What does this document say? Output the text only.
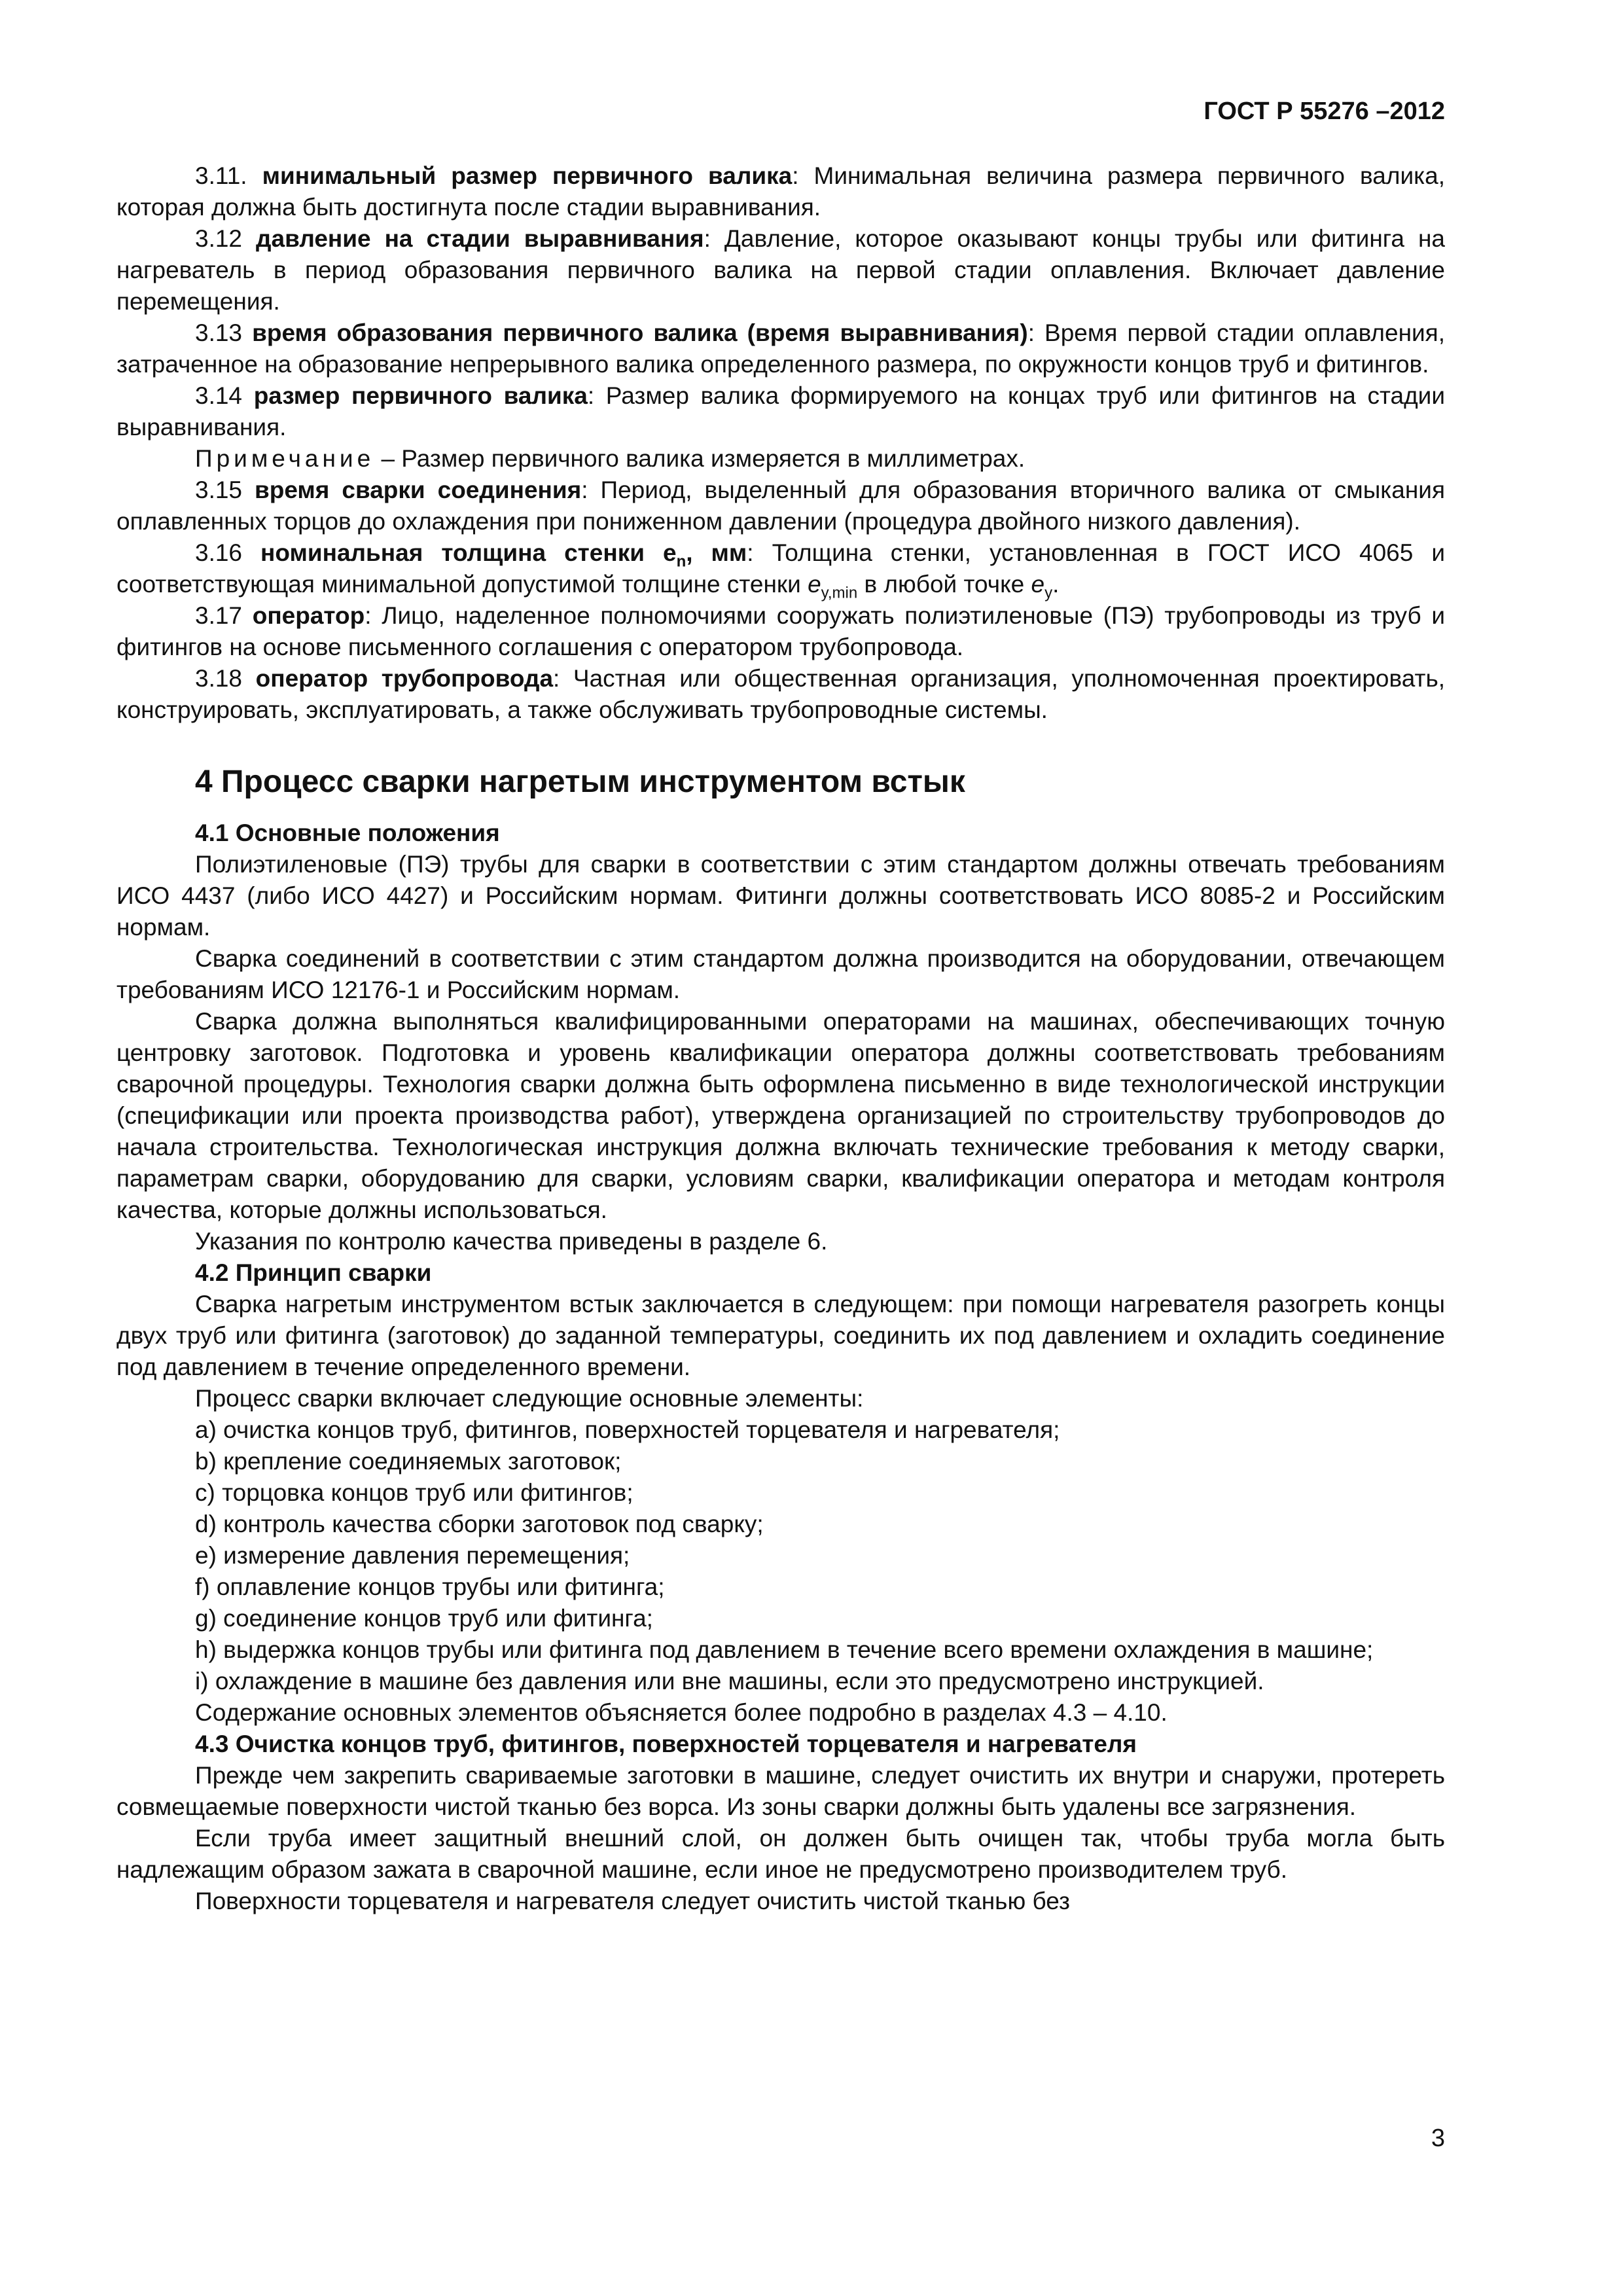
ГОСТ Р 55276 –2012

3.11. минимальный размер первичного валика: Минимальная величина размера первичного валика, которая должна быть достигнута после стадии выравнивания.

3.12 давление на стадии выравнивания: Давление, которое оказывают концы трубы или фитинга на нагреватель в период образования первичного валика на первой стадии оплавления. Включает давление перемещения.

3.13 время образования первичного валика (время выравнивания): Время первой стадии оплавления, затраченное на образование непрерывного валика определенного размера, по окружности концов труб и фитингов.

3.14 размер первичного валика: Размер валика формируемого на концах труб или фитингов на стадии выравнивания.

Примечание – Размер первичного валика измеряется в миллиметрах.

3.15 время сварки соединения: Период, выделенный для образования вторичного валика от смыкания оплавленных торцов до охлаждения при пониженном давлении (процедура двойного низкого давления).

3.16 номинальная толщина стенки $e_n$, мм: Толщина стенки, установленная в ГОСТ ИСО 4065 и соответствующая минимальной допустимой толщине стенки $e_{y,min}$ в любой точке $e_y$.

3.17 оператор: Лицо, наделенное полномочиями сооружать полиэтиленовые (ПЭ) трубопроводы из труб и фитингов на основе письменного соглашения с оператором трубопровода.

3.18 оператор трубопровода: Частная или общественная организация, уполномоченная проектировать, конструировать, эксплуатировать, а также обслуживать трубопроводные системы.

4 Процесс сварки нагретым инструментом встык
4.1 Основные положения

Полиэтиленовые (ПЭ) трубы для сварки в соответствии с этим стандартом должны отвечать требованиям ИСО 4437 (либо ИСО 4427) и Российским нормам. Фитинги должны соответствовать ИСО 8085-2 и Российским нормам.

Сварка соединений в соответствии с этим стандартом должна производится на оборудовании, отвечающем требованиям ИСО 12176-1 и Российским нормам.

Сварка должна выполняться квалифицированными операторами на машинах, обеспечивающих точную центровку заготовок. Подготовка и уровень квалификации оператора должны соответствовать требованиям сварочной процедуры. Технология сварки должна быть оформлена письменно в виде технологической инструкции (спецификации или проекта производства работ), утверждена организацией по строительству трубопроводов до начала строительства. Технологическая инструкция должна включать технические требования к методу сварки, параметрам сварки, оборудованию для сварки, условиям сварки, квалификации оператора и методам контроля качества, которые должны использоваться.

Указания по контролю качества приведены в разделе 6.

4.2 Принцип сварки

Сварка нагретым инструментом встык заключается в следующем: при помощи нагревателя разогреть концы двух труб или фитинга (заготовок) до заданной температуры, соединить их под давлением и охладить соединение под давлением в течение определенного времени.

Процесс сварки включает следующие основные элементы:

a) очистка концов труб, фитингов, поверхностей торцевателя и нагревателя;

b) крепление соединяемых заготовок;

c) торцовка концов труб или фитингов;

d) контроль качества сборки заготовок под сварку;

e) измерение давления перемещения;

f) оплавление концов трубы или фитинга;

g) соединение концов труб или фитинга;

h) выдержка концов трубы или фитинга под давлением в течение всего времени охлаждения в машине;

i) охлаждение в машине без давления или вне машины, если это предусмотрено инструкцией.

Содержание основных элементов объясняется более подробно в разделах 4.3 – 4.10.

4.3 Очистка концов труб, фитингов, поверхностей торцевателя и нагревателя

Прежде чем закрепить свариваемые заготовки в машине, следует очистить их внутри и снаружи, протереть совмещаемые поверхности чистой тканью без ворса. Из зоны сварки должны быть удалены все загрязнения.

Если труба имеет защитный внешний слой, он должен быть очищен так, чтобы труба могла быть надлежащим образом зажата в сварочной машине, если иное не предусмотрено производителем труб.

Поверхности торцевателя и нагревателя следует очистить чистой тканью без

3
